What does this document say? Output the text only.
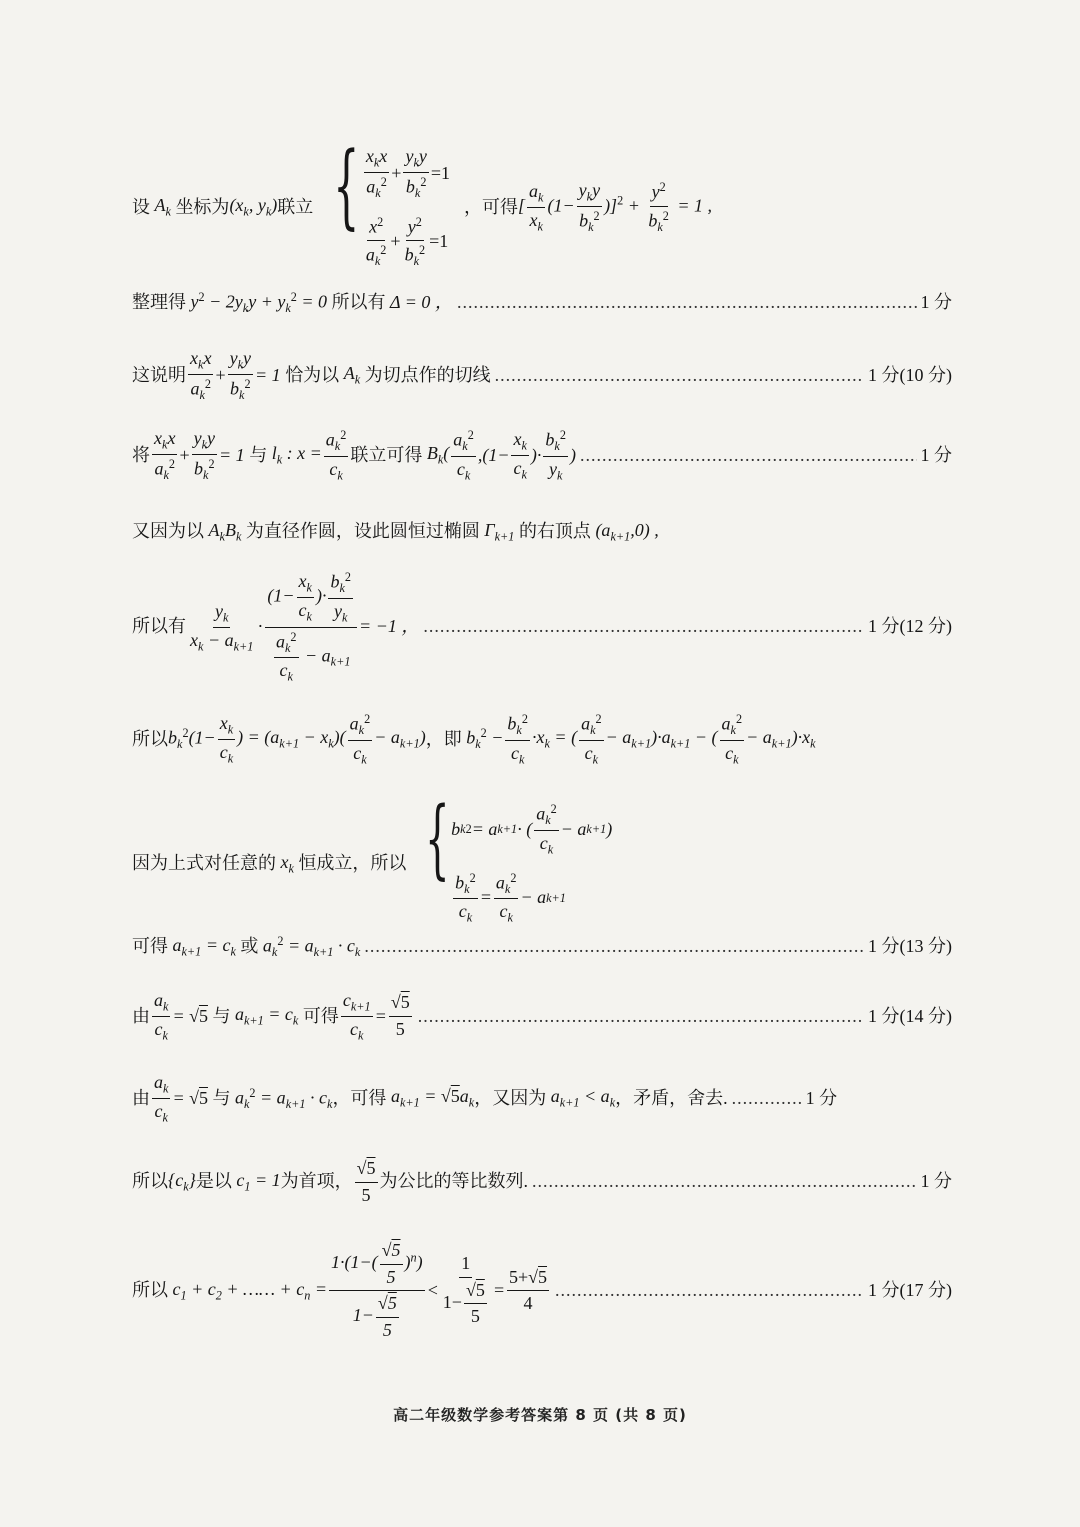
设 $A_k$ 坐标为 ($x_k$, $y_k$) 联立 { $\frac{x_kx}{a_k^2} + \frac{y_ky}{b_k^2} =1$
$\frac{x^2}{a_k^2} + \frac{y^2}{b_k^2} =1$
，可得 [ $\frac{a_k}{x_k} (1- \frac{y_ky}{b_k^2} )]^2 + \frac{y^2}{b_k^2} = 1$ ,
整理得 $y^2 - 2y_ky + y_k^2 = 0$ 所以有 Δ = 0 ， .....	1 分
这说明 $\frac{x_kx}{a_k^2} + \frac{y_ky}{b_k^2} = 1$ 恰为以 $A_k$ 为切点作的切线 .....	1 分(10 分)
将 $\frac{x_kx}{a_k^2} + \frac{y_ky}{b_k^2} = 1$ 与 $l_k$ : $x = \frac{a_k^2}{c_k}$ 联立可得 $B_k( \frac{a_k^2}{c_k} ,(1- \frac{x_k}{c_k}$ )· $\frac{b_k^2}{y_k}$ ) .....	1 分
又因为以 $A_kB_k$ 为直径作圆，设此圆恒过椭圆 $\Gamma_{k+1}$ 的右顶点 $(a_{k+1},0)$ ,
所以有 $\frac{y_k}{x_k - a_{k+1}} \cdot \frac{(1- \frac{x_k}{c_k} )\cdot \frac{b_k^2}{y_k}}{\frac{a_k^2}{c_k} - a_{k+1}} = -1$ ， .....	1 分(12 分)
所以 $b_k^2(1- \frac{x_k}{c_k}$ ) = $(a_{k+1} - x_k)( \frac{a_k^2}{c_k} - a_{k+1})$ ，即 $b_k^2 - \frac{b_k^2}{c_k} \cdot x_k$ = ( $\frac{a_k^2}{c_k} - a_{k+1})\cdot a_{k+1}$ − ( $\frac{a_k^2}{c_k} - a_{k+1})\cdot x_k$
因为上式对任意的 $x_k$ 恒成立，所以 { b k 2 = a k+1 · ( $\frac{a_k^2}{c_k} - a$ k+1 )
$\frac{b_k^2}{c_k} = \frac{a_k^2}{c_k} - a$ k+1
可得 $a_{k+1} = c_k$ 或 $a_k^2 = a_{k+1} \cdot c_k$ .....	1 分(13 分)
由 $\frac{a_k}{c_k} = √5$ 与 $a_{k+1} = c_k$ 可得 $\frac{c_{k+1}}{c_k} = \frac{√5}{5}$ .....	1 分(14 分)
由 $\frac{a_k}{c_k} = √5$ 与 $a_k^2 = a_{k+1} \cdot c_k$ ，可得 $a_{k+1} = √5a_k$ ，又因为 $a_{k+1} < a_k$ ，矛盾，舍去. .....	1 分
所以 $\{c_k\}$ 是以 $c_1 = 1$ 为首项， $\frac{√5}{5}$ 为公比的等比数列. .....	1 分
所以 $c_1 + c_2$ + …… + $c_n = \frac{1\cdot(1-( \frac{√5}{5} )^n)}{1- \frac{√5}{5}} < \frac{1}{1- \frac{√5}{5}} = \frac{5+√5}{4}$ .....	1 分(17 分)
高二年级数学参考答案第 8 页 (共 8 页)
